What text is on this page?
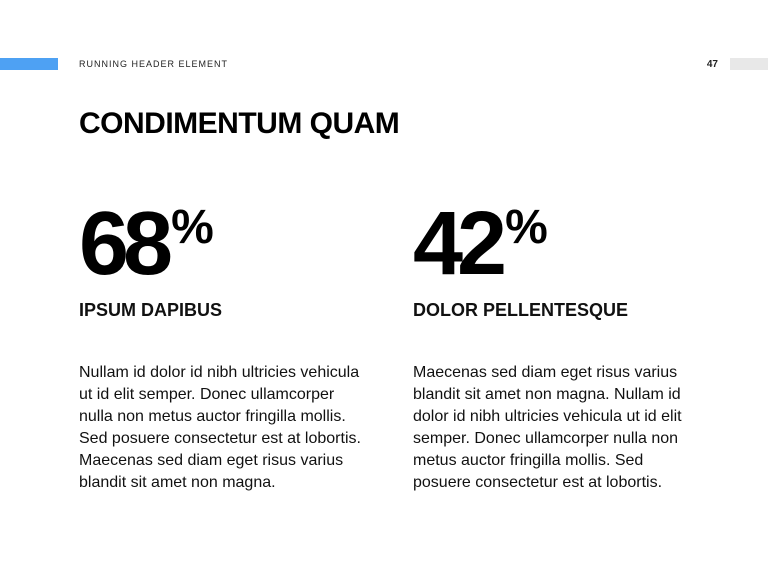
RUNNING HEADER ELEMENT	47
CONDIMENTUM QUAM
68%
IPSUM DAPIBUS
Nullam id dolor id nibh ultricies vehicula ut id elit semper. Donec ullamcorper nulla non metus auctor fringilla mollis. Sed posuere consectetur est at lobortis. Maecenas sed diam eget risus varius blandit sit amet non magna.
42%
DOLOR PELLENTESQUE
Maecenas sed diam eget risus varius blandit sit amet non magna. Nullam id dolor id nibh ultricies vehicula ut id elit semper. Donec ullamcorper nulla non metus auctor fringilla mollis. Sed posuere consectetur est at lobortis.
